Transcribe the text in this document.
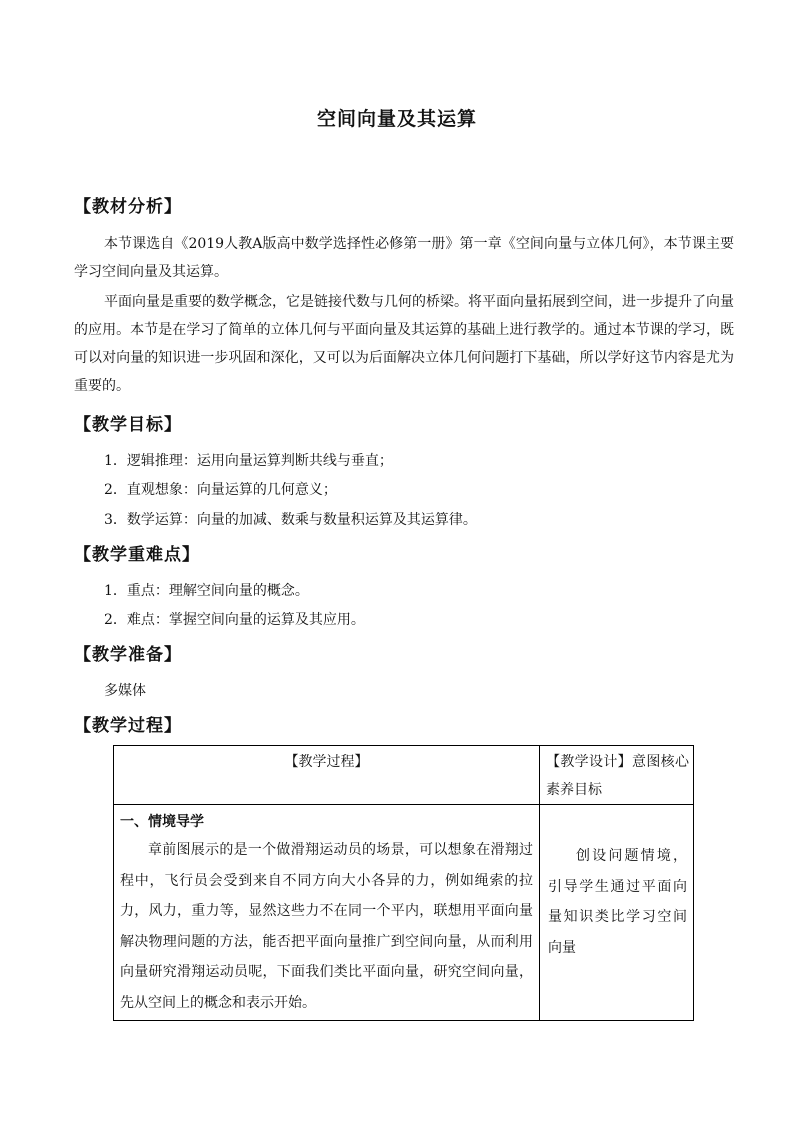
空间向量及其运算
【教材分析】

本节课选自《2019人教A版高中数学选择性必修第一册》第一章《空间向量与立体几何》，本节课主要学习空间向量及其运算。

平面向量是重要的数学概念，它是链接代数与几何的桥梁。将平面向量拓展到空间，进一步提升了向量的应用。本节是在学习了简单的立体几何与平面向量及其运算的基础上进行教学的。通过本节课的学习，既可以对向量的知识进一步巩固和深化，又可以为后面解决立体几何问题打下基础，所以学好这节内容是尤为重要的。

【教学目标】
1．逻辑推理：运用向量运算判断共线与垂直；
2．直观想象：向量运算的几何意义；
3．数学运算：向量的加减、数乘与数量积运算及其运算律。
【教学重难点】
1．重点：理解空间向量的概念。
2．难点：掌握空间向量的运算及其应用。
【教学准备】
多媒体
【教学过程】
【教学过程】	【教学设计】意图核心素养目标

一、情境导学

章前图展示的是一个做滑翔运动员的场景，可以想象在滑翔过程中，飞行员会受到来自不同方向大小各异的力，例如绳索的拉力，风力，重力等，显然这些力不在同一个平内，联想用平面向量解决物理问题的方法，能否把平面向量推广到空间向量，从而利用向量研究滑翔运动员呢，下面我们类比平面向量，研究空间向量，先从空间上的概念和表示开始。	创设问题情境，引导学生通过平面向量知识类比学习空间向量
